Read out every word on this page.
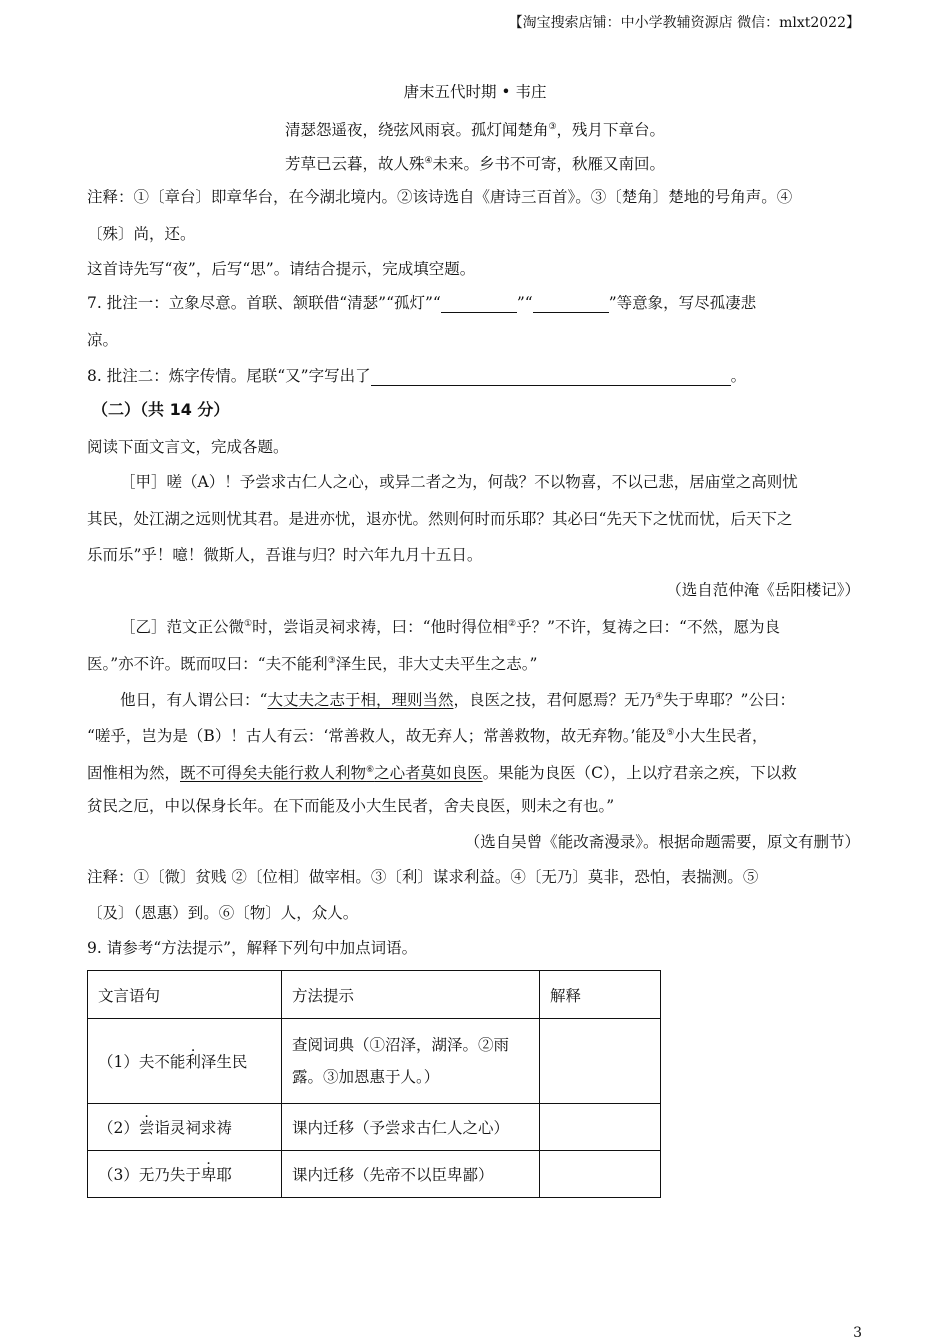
【淘宝搜索店铺：中小学教辅资源店 微信：mlxt2022】
唐末五代时期 • 韦庄
清瑟怨遥夜，绕弦风雨哀。孤灯闻楚角③，残月下章台。
芳草已云暮，故人殊④未来。乡书不可寄，秋雁又南回。
注释：①〔章台〕即章华台，在今湖北境内。②该诗选自《唐诗三百首》。③〔楚角〕楚地的号角声。④
〔殊〕尚，还。
这首诗先写“夜”，后写“思”。请结合提示，完成填空题。
7. 批注一：立象尽意。首联、颔联借“清瑟”“孤灯”“	”“	”等意象，写尽孤凄悲
凉。
8. 批注二：炼字传情。尾联“又”字写出了	。
（二）（共 14 分）
阅读下面文言文，完成各题。
［甲］嗟（A）！予尝求古仁人之心，或异二者之为，何哉？不以物喜，不以己悲，居庙堂之高则忧
其民，处江湖之远则忧其君。是进亦忧，退亦忧。然则何时而乐耶？其必曰“先天下之忧而忧，后天下之
乐而乐”乎！噫！微斯人，吾谁与归？时六年九月十五日。
（选自范仲淹《岳阳楼记》）
［乙］范文正公微①时，尝诣灵祠求祷，曰：“他时得位相②乎？”不许，复祷之曰：“不然，愿为良
医。”亦不许。既而叹曰：“夫不能利③泽生民，非大丈夫平生之志。”
他日，有人谓公曰：“大丈夫之志于相，理则当然，良医之技，君何愿焉？无乃④失于卑耶？”公曰：
“嗟乎，岂为是（B）！古人有云：‘常善救人，故无弃人；常善救物，故无弃物。’能及⑤小大生民者，
固惟相为然，既不可得矣夫能行救人利物⑥之心者莫如良医。果能为良医（C），上以疗君亲之疾，下以救
贫民之厄，中以保身长年。在下而能及小大生民者，舍夫良医，则未之有也。”
（选自吴曾《能改斋漫录》。根据命题需要，原文有删节）
注释：①〔微〕贫贱 ②〔位相〕做宰相。③〔利〕谋求利益。④〔无乃〕莫非，恐怕，表揣测。⑤
〔及〕（恩惠）到。⑥〔物〕人，众人。
9. 请参考“方法提示”，解释下列句中加点词语。
文言语句	方法提示	解释
（1）夫不能利泽生民	查阅词典（①沼泽，湖泽。②雨
露。③加恩惠于人。）	
（2）尝诣灵祠求祷	课内迁移（予尝求古仁人之心）	
（3）无乃失于卑耶	课内迁移（先帝不以臣卑鄙）	
3
